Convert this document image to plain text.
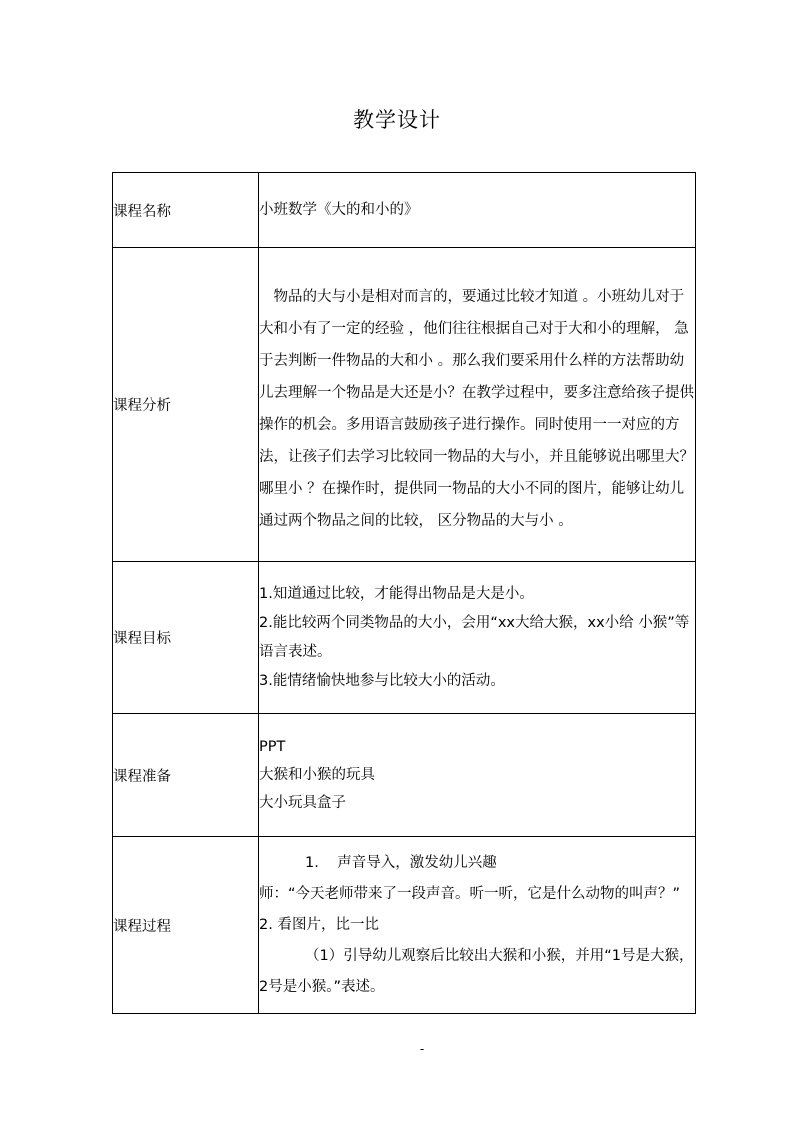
教学设计
课程名称	小班数学《大的和小的》

课程分析	物品的大与小是相对而言的，要通过比较才知道 。小班幼儿对于大和小有了一定的经验 ，他们往往根据自己对于大和小的理解， 急于去判断一件物品的大和小 。那么我们要采用什么样的方法帮助幼儿去理解一个物品是大还是小？在教学过程中，要多注意给孩子提供操作的机会。多用语言鼓励孩子进行操作。同时使用一一对应的方法，让孩子们去学习比较同一物品的大与小，并且能够说出哪里大？ 哪里小 ？在操作时，提供同一物品的大小不同的图片，能够让幼儿通过两个物品之间的比较， 区分物品的大与小 。

课程目标	1.知道通过比较，才能得出物品是大是小。

2.能比较两个同类物品的大小，会用“xx大给大猴，xx小给 小猴”等语言表述。

3.能情绪愉快地参与比较大小的活动。

课程准备	PPT

大猴和小猴的玩具

大小玩具盒子

课程过程	1.    声音导入，激发幼儿兴趣

师：“今天老师带来了一段声音。听一听，它是什么动物的叫声？”

2. 看图片，比一比

（1）引导幼儿观察后比较出大猴和小猴，并用“1号是大猴，2号是小猴。”表述。

-
